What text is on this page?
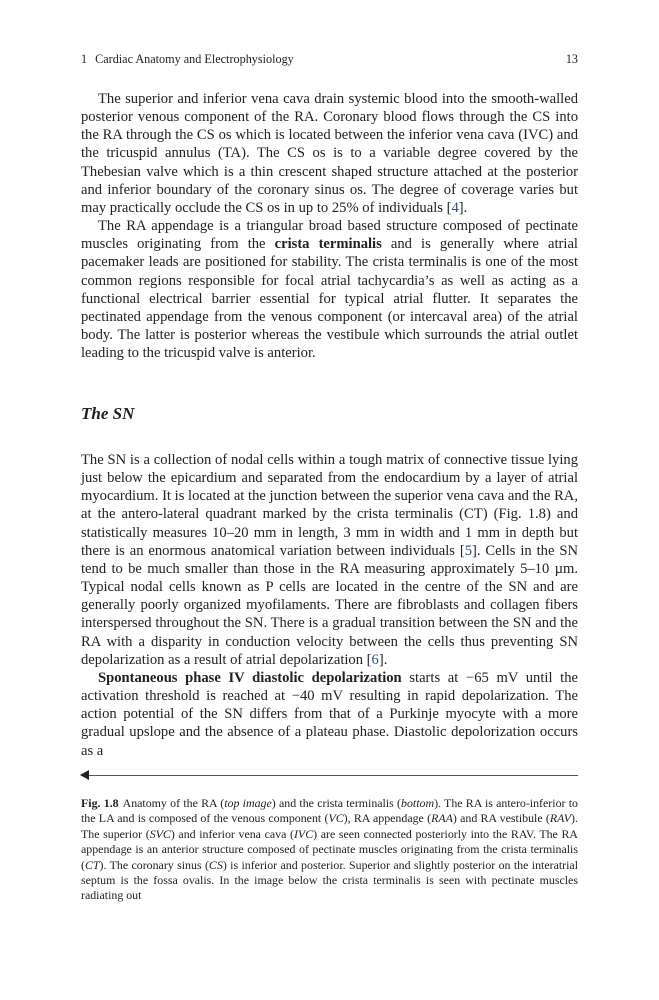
1 Cardiac Anatomy and Electrophysiology	13

The superior and inferior vena cava drain systemic blood into the smooth-walled posterior venous component of the RA. Coronary blood flows through the CS into the RA through the CS os which is located between the inferior vena cava (IVC) and the tricuspid annulus (TA). The CS os is to a variable degree covered by the Thebesian valve which is a thin crescent shaped structure attached at the posterior and inferior boundary of the coronary sinus os. The degree of coverage varies but may practically occlude the CS os in up to 25% of individuals [4].

The RA appendage is a triangular broad based structure composed of pectinate muscles originating from the crista terminalis and is generally where atrial pacemaker leads are positioned for stability. The crista terminalis is one of the most common regions responsible for focal atrial tachycardia’s as well as acting as a functional electrical barrier essential for typical atrial flutter. It separates the pectinated appendage from the venous component (or intercaval area) of the atrial body. The latter is posterior whereas the vestibule which surrounds the atrial outlet leading to the tricuspid valve is anterior.

The SN

The SN is a collection of nodal cells within a tough matrix of connective tissue lying just below the epicardium and separated from the endocardium by a layer of atrial myocardium. It is located at the junction between the superior vena cava and the RA, at the antero-lateral quadrant marked by the crista terminalis (CT) (Fig. 1.8) and statistically measures 10–20 mm in length, 3 mm in width and 1 mm in depth but there is an enormous anatomical variation between individuals [5]. Cells in the SN tend to be much smaller than those in the RA measuring approximately 5–10 µm. Typical nodal cells known as P cells are located in the centre of the SN and are generally poorly organized myofilaments. There are fibroblasts and collagen fibers interspersed throughout the SN. There is a gradual transition between the SN and the RA with a disparity in conduction velocity between the cells thus preventing SN depolarization as a result of atrial depolarization [6].

Spontaneous phase IV diastolic depolarization starts at −65 mV until the activation threshold is reached at −40 mV resulting in rapid depolarization. The action potential of the SN differs from that of a Purkinje myocyte with a more gradual upslope and the absence of a plateau phase. Diastolic depolorization occurs as a

Fig. 1.8 Anatomy of the RA (top image) and the crista terminalis (bottom). The RA is antero-inferior to the LA and is composed of the venous component (VC), RA appendage (RAA) and RA vestibule (RAV). The superior (SVC) and inferior vena cava (IVC) are seen connected posteriorly into the RAV. The RA appendage is an anterior structure composed of pectinate muscles originating from the crista terminalis (CT). The coronary sinus (CS) is inferior and posterior. Superior and slightly posterior on the interatrial septum is the fossa ovalis. In the image below the crista terminalis is seen with pectinate muscles radiating out
